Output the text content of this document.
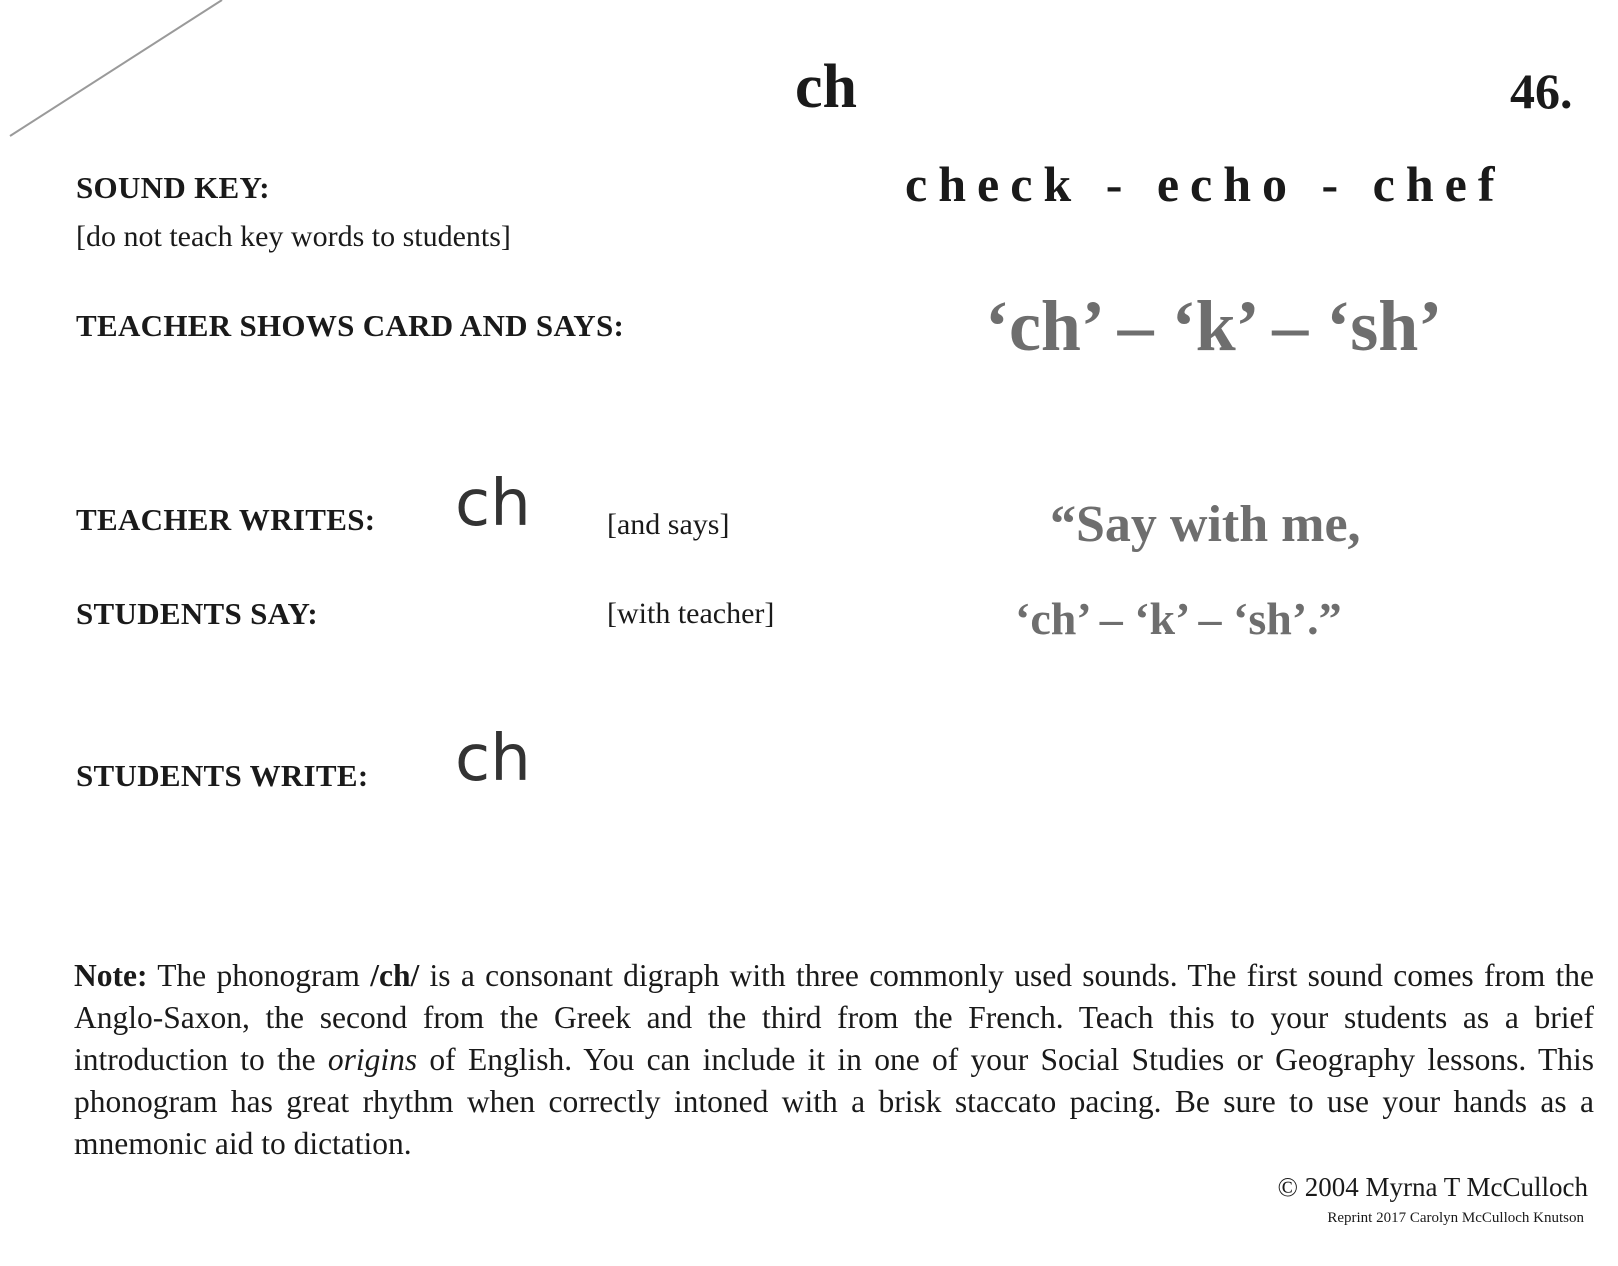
ch	46.
SOUND KEY:
[do not teach key words to students]
check - echo - chef
TEACHER SHOWS CARD AND SAYS:	‘ch’ – ‘k’ – ‘sh’
TEACHER WRITES: ch	[and says]	“Say with me,
STUDENTS SAY:	[with teacher]	‘ch’ – ‘k’ – ‘sh’.”
STUDENTS WRITE: ch
Note: The phonogram /ch/ is a consonant digraph with three commonly used sounds. The first sound comes from the Anglo-Saxon, the second from the Greek and the third from the French. Teach this to your students as a brief introduction to the origins of English. You can include it in one of your Social Studies or Geography lessons. This phonogram has great rhythm when correctly intoned with a brisk staccato pacing. Be sure to use your hands as a mnemonic aid to dictation.
© 2004 Myrna T McCulloch
Reprint 2017 Carolyn McCulloch Knutson
